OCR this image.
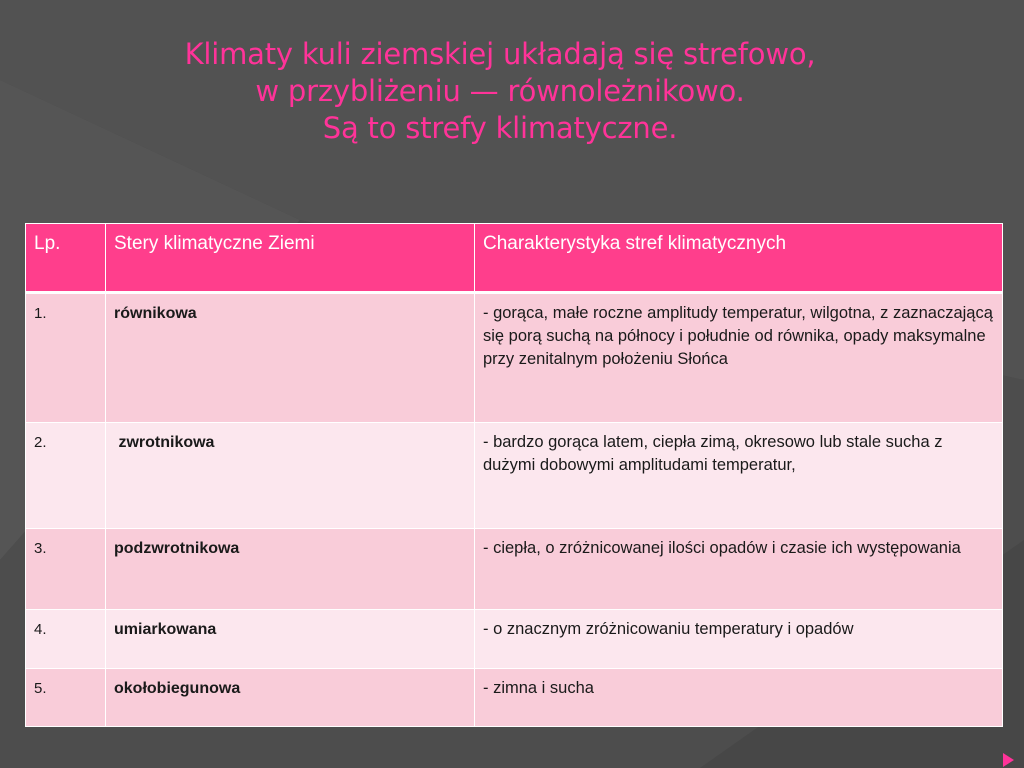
Klimaty kuli ziemskiej układają się strefowo,
w przybliżeniu — równoleżnikowo.
Są to strefy klimatyczne.
Lp.	Stery klimatyczne Ziemi	Charakterystyka stref klimatycznych
1.	równikowa	- gorąca, małe roczne amplitudy temperatur, wilgotna, z zaznaczającą się porą suchą na północy i południe od równika, opady maksymalne przy zenitalnym położeniu Słońca
2.	zwrotnikowa	- bardzo gorąca latem, ciepła zimą, okresowo lub stale sucha z dużymi dobowymi amplitudami temperatur,
3.	podzwrotnikowa	- ciepła, o zróżnicowanej ilości opadów i czasie ich występowania
4.	umiarkowana	- o znacznym zróżnicowaniu temperatury i opadów
5.	okołobiegunowa	- zimna i sucha
